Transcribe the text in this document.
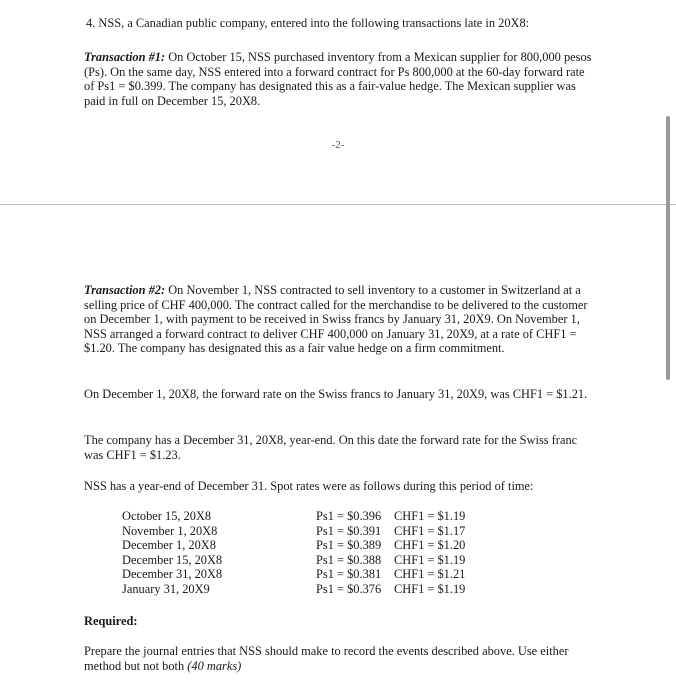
4. NSS, a Canadian public company, entered into the following transactions late in 20X8:

Transaction #1: On October 15, NSS purchased inventory from a Mexican supplier for 800,000 pesos (Ps). On the same day, NSS entered into a forward contract for Ps 800,000 at the 60-day forward rate of Ps1 = $0.399. The company has designated this as a fair-value hedge. The Mexican supplier was paid in full on December 15, 20X8.

-2-

Transaction #2: On November 1, NSS contracted to sell inventory to a customer in Switzerland at a selling price of CHF 400,000. The contract called for the merchandise to be delivered to the customer on December 1, with payment to be received in Swiss francs by January 31, 20X9. On November 1, NSS arranged a forward contract to deliver CHF 400,000 on January 31, 20X9, at a rate of CHF1 = $1.20. The company has designated this as a fair value hedge on a firm commitment.

On December 1, 20X8, the forward rate on the Swiss francs to January 31, 20X9, was CHF1 = $1.21.

The company has a December 31, 20X8, year-end. On this date the forward rate for the Swiss franc was CHF1 = $1.23.

NSS has a year-end of December 31. Spot rates were as follows during this period of time:

October 15, 20X8
November 1, 20X8
December 1, 20X8
December 15, 20X8
December 31, 20X8
January 31, 20X9
Ps1 = $0.396 CHF1 = $1.19
Ps1 = $0.391 CHF1 = $1.17
Ps1 = $0.389 CHF1 = $1.20
Ps1 = $0.388 CHF1 = $1.19
Ps1 = $0.381 CHF1 = $1.21
Ps1 = $0.376 CHF1 = $1.19

Required:

Prepare the journal entries that NSS should make to record the events described above. Use either method but not both (40 marks)
